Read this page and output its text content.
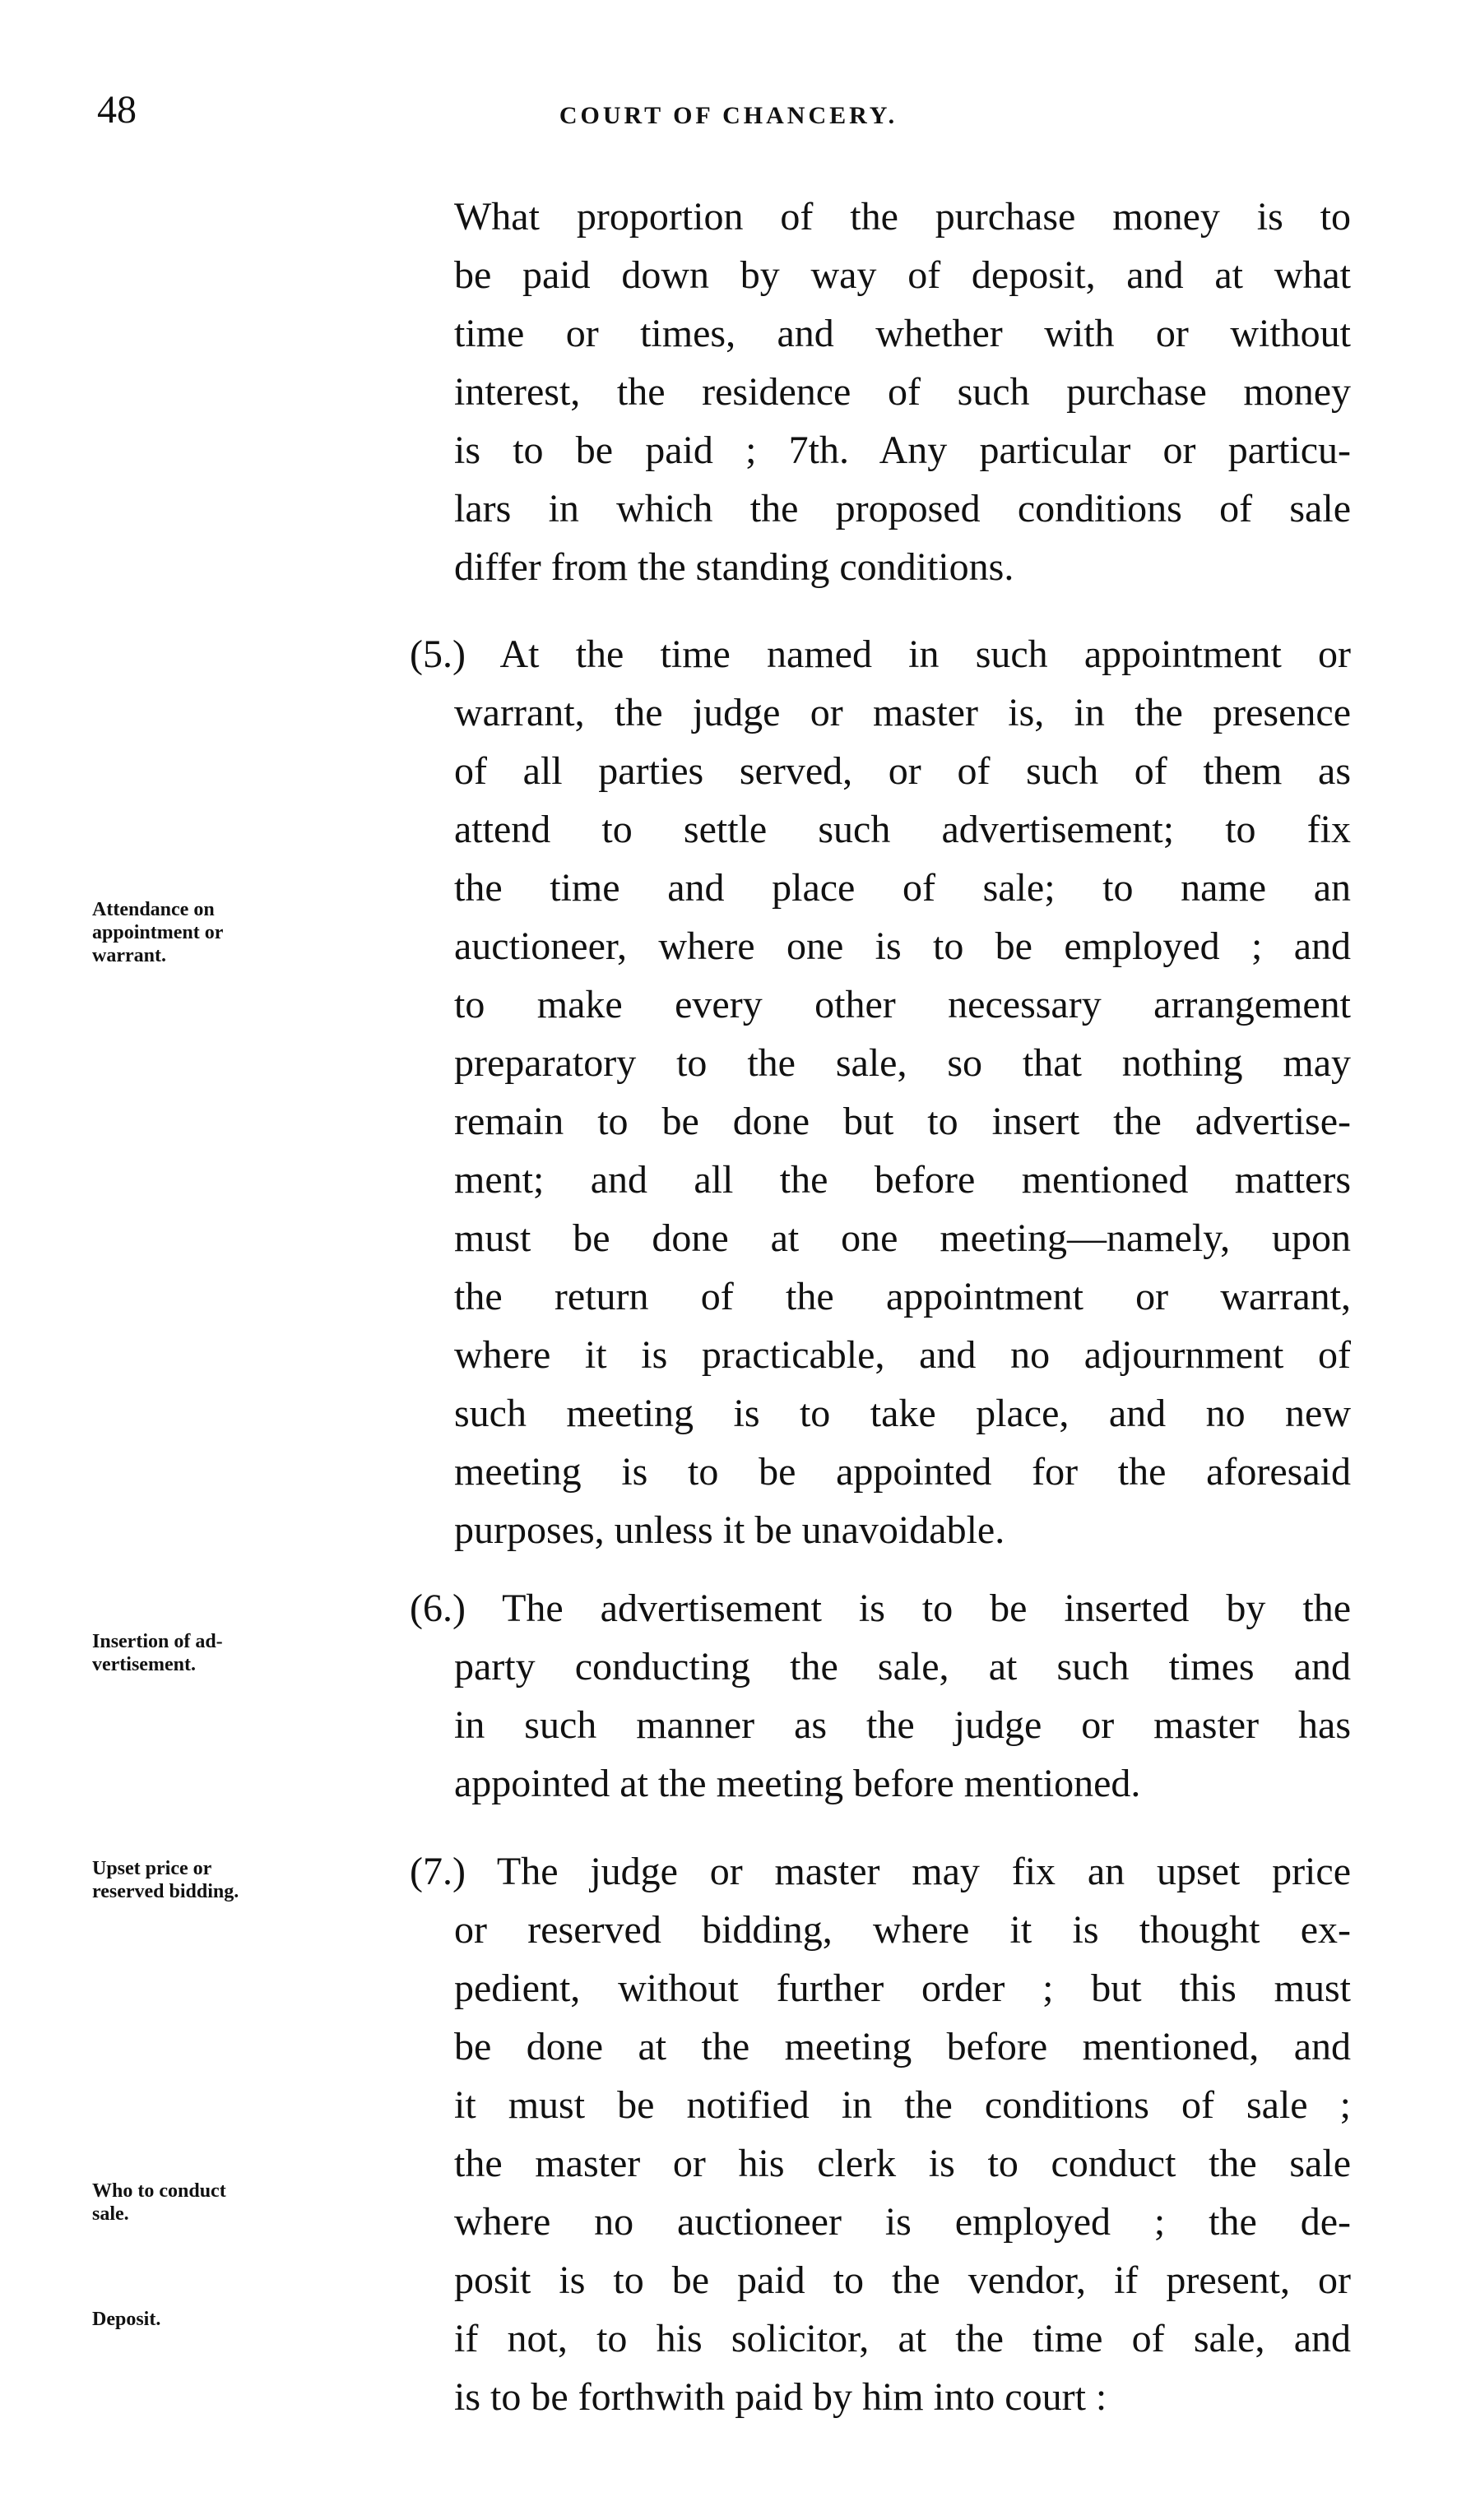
48	COURT OF CHANCERY.
What proportion of the purchase money is to
be paid down by way of deposit, and at what
time or times, and whether with or without
interest, the residence of such purchase money
is to be paid ; 7th. Any particular or particu-
lars in which the proposed conditions of sale
differ from the standing conditions.
(5.) At the time named in such appointment or
warrant, the judge or master is, in the presence
of all parties served, or of such of them as
attend to settle such advertisement; to fix
the time and place of sale; to name an
auctioneer, where one is to be employed ; and
to make every other necessary arrangement
preparatory to the sale, so that nothing may
remain to be done but to insert the advertise-
ment; and all the before mentioned matters
must be done at one meeting—namely, upon
the return of the appointment or warrant,
where it is practicable, and no adjournment of
such meeting is to take place, and no new
meeting is to be appointed for the aforesaid
purposes, unless it be unavoidable.
(6.) The advertisement is to be inserted by the
party conducting the sale, at such times and
in such manner as the judge or master has
appointed at the meeting before mentioned.
(7.) The judge or master may fix an upset price
or reserved bidding, where it is thought ex-
pedient, without further order ; but this must
be done at the meeting before mentioned, and
it must be notified in the conditions of sale ;
the master or his clerk is to conduct the sale
where no auctioneer is employed ; the de-
posit is to be paid to the vendor, if present, or
if not, to his solicitor, at the time of sale, and
is to be forthwith paid by him into court :
Attendance on
appointment or
warrant.
Insertion of ad-
vertisement.
Upset price or
reserved bidding.
Who to conduct
sale.
Deposit.
